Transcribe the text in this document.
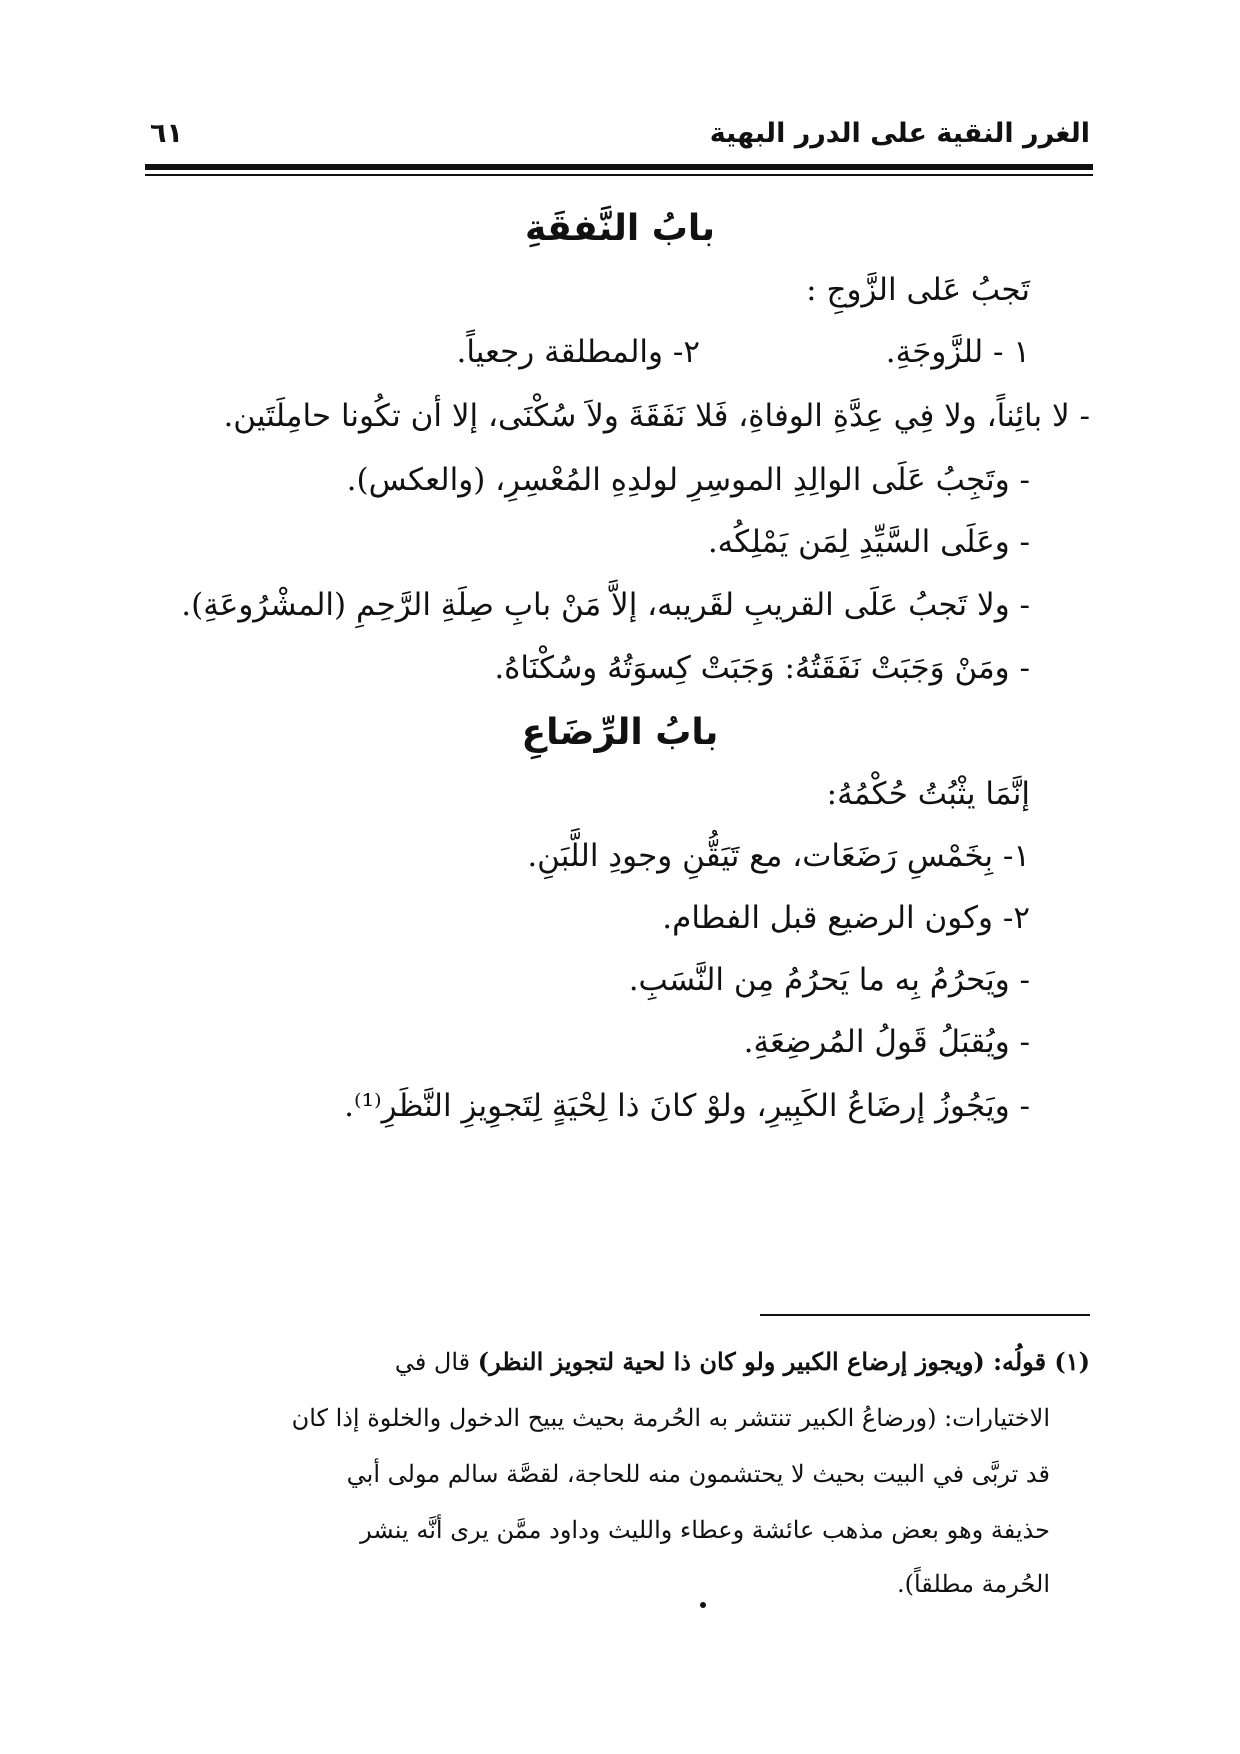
الغرر النقية على الدرر البهية
٦١
بابُ النَّفقَةِ
تَجبُ عَلى الزَّوجِ :
١ - للزَّوجَةِ.
٢- والمطلقة رجعياً.
- لا بائِناً، ولا فِي عِدَّةِ الوفاةِ، فَلا نَفَقَةَ ولاَ سُكْنَى، إلا أن تكُونا حامِلَتَين.
- وتَجِبُ عَلَى الوالِدِ الموسِرِ لولدِهِ المُعْسِرِ، (والعكس).
- وعَلَى السَّيِّدِ لِمَن يَمْلِكُه.
- ولا تَجبُ عَلَى القريبِ لقَريبه، إلاَّ مَنْ بابِ صِلَةِ الرَّحِمِ (المشْرُوعَةِ).
- ومَنْ وَجَبَتْ نَفَقَتُهُ: وَجَبَتْ كِسوَتُهُ وسُكْنَاهُ.
بابُ الرِّضَاعِ
إنَّمَا يثْبُتُ حُكْمُهُ:
١- بِخَمْسِ رَضَعَات، مع تَيَقُّنِ وجودِ اللَّبَنِ.
٢- وكون الرضيع قبل الفطام.
- ويَحرُمُ بِه ما يَحرُمُ مِن النَّسَبِ.
- ويُقبَلُ قَولُ المُرضِعَةِ.
- ويَجُوزُ إرضَاعُ الكَبِيرِ، ولوْ كانَ ذا لِحْيَةٍ لِتَجوِيزِ النَّظَرِ⁽¹⁾.
(١) قولُه: (ويجوز إرضاع الكبير ولو كان ذا لحية لتجويز النظر) قال في
الاختيارات: (ورضاعُ الكبير تنتشر به الحُرمة بحيث يبيح الدخول والخلوة إذا كان
قد تربَّى في البيت بحيث لا يحتشمون منه للحاجة، لقصَّة سالم مولى أبي
حذيفة وهو بعض مذهب عائشة وعطاء والليث وداود ممَّن يرى أنَّه ينشر
الحُرمة مطلقاً).
